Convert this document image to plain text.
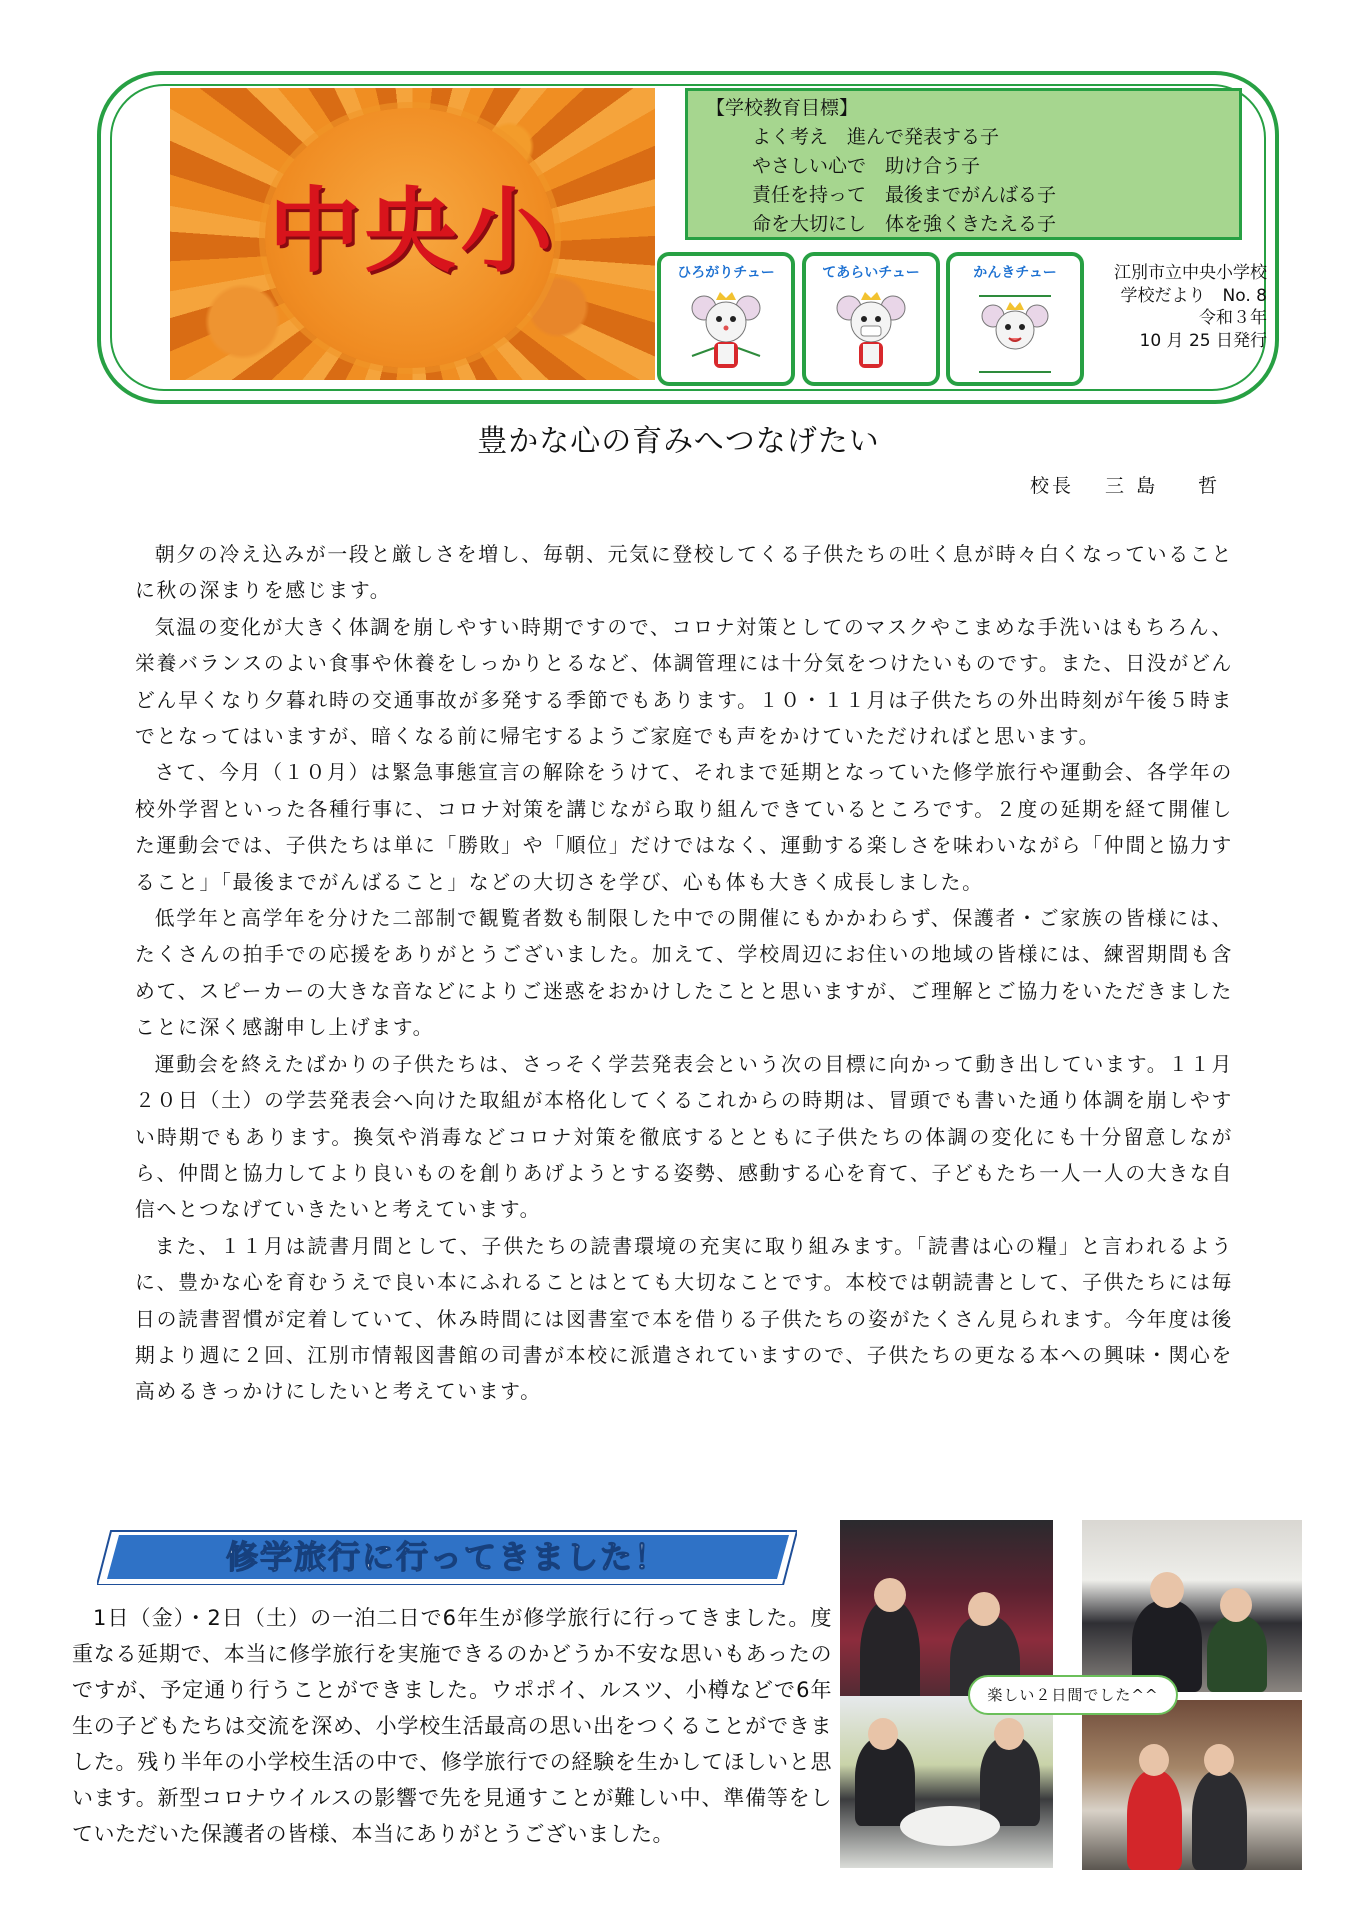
中央小
【学校教育目標】
よく考え　進んで発表する子
やさしい心で　助け合う子
責任を持って　最後までがんばる子
命を大切にし　体を強くきたえる子
ひろがりチュー	てあらいチュー	かんきチュー	江別市立中央小学校
学校だより　No. 8
令和３年
10 月 25 日発行
豊かな心の育みへつなげたい
校長　 三 島 　 哲

朝夕の冷え込みが一段と厳しさを増し、毎朝、元気に登校してくる子供たちの吐く息が時々白くなっていることに秋の深まりを感じます。

気温の変化が大きく体調を崩しやすい時期ですので、コロナ対策としてのマスクやこまめな手洗いはもちろん、栄養バランスのよい食事や休養をしっかりとるなど、体調管理には十分気をつけたいものです。また、日没がどんどん早くなり夕暮れ時の交通事故が多発する季節でもあります。１０・１１月は子供たちの外出時刻が午後５時までとなってはいますが、暗くなる前に帰宅するようご家庭でも声をかけていただければと思います。

さて、今月（１０月）は緊急事態宣言の解除をうけて、それまで延期となっていた修学旅行や運動会、各学年の校外学習といった各種行事に、コロナ対策を講じながら取り組んできているところです。２度の延期を経て開催した運動会では、子供たちは単に「勝敗」や「順位」だけではなく、運動する楽しさを味わいながら「仲間と協力すること」「最後までがんばること」などの大切さを学び、心も体も大きく成長しました。

低学年と高学年を分けた二部制で観覧者数も制限した中での開催にもかかわらず、保護者・ご家族の皆様には、たくさんの拍手での応援をありがとうございました。加えて、学校周辺にお住いの地域の皆様には、練習期間も含めて、スピーカーの大きな音などによりご迷惑をおかけしたことと思いますが、ご理解とご協力をいただきましたことに深く感謝申し上げます。

運動会を終えたばかりの子供たちは、さっそく学芸発表会という次の目標に向かって動き出しています。１１月２０日（土）の学芸発表会へ向けた取組が本格化してくるこれからの時期は、冒頭でも書いた通り体調を崩しやすい時期でもあります。換気や消毒などコロナ対策を徹底するとともに子供たちの体調の変化にも十分留意しながら、仲間と協力してより良いものを創りあげようとする姿勢、感動する心を育て、子どもたち一人一人の大きな自信へとつなげていきたいと考えています。

また、１１月は読書月間として、子供たちの読書環境の充実に取り組みます。「読書は心の糧」と言われるように、豊かな心を育むうえで良い本にふれることはとても大切なことです。本校では朝読書として、子供たちには毎日の読書習慣が定着していて、休み時間には図書室で本を借りる子供たちの姿がたくさん見られます。今年度は後期より週に２回、江別市情報図書館の司書が本校に派遣されていますので、子供たちの更なる本への興味・関心を高めるきっかけにしたいと考えています。

修学旅行に行ってきました！

1日（金）・2日（土）の一泊二日で6年生が修学旅行に行ってきました。度重なる延期で、本当に修学旅行を実施できるのかどうか不安な思いもあったのですが、予定通り行うことができました。ウポポイ、ルスツ、小樽などで6年生の子どもたちは交流を深め、小学校生活最高の思い出をつくることができました。残り半年の小学校生活の中で、修学旅行での経験を生かしてほしいと思います。新型コロナウイルスの影響で先を見通すことが難しい中、準備等をしていただいた保護者の皆様、本当にありがとうございました。

楽しい２日間でした^^
